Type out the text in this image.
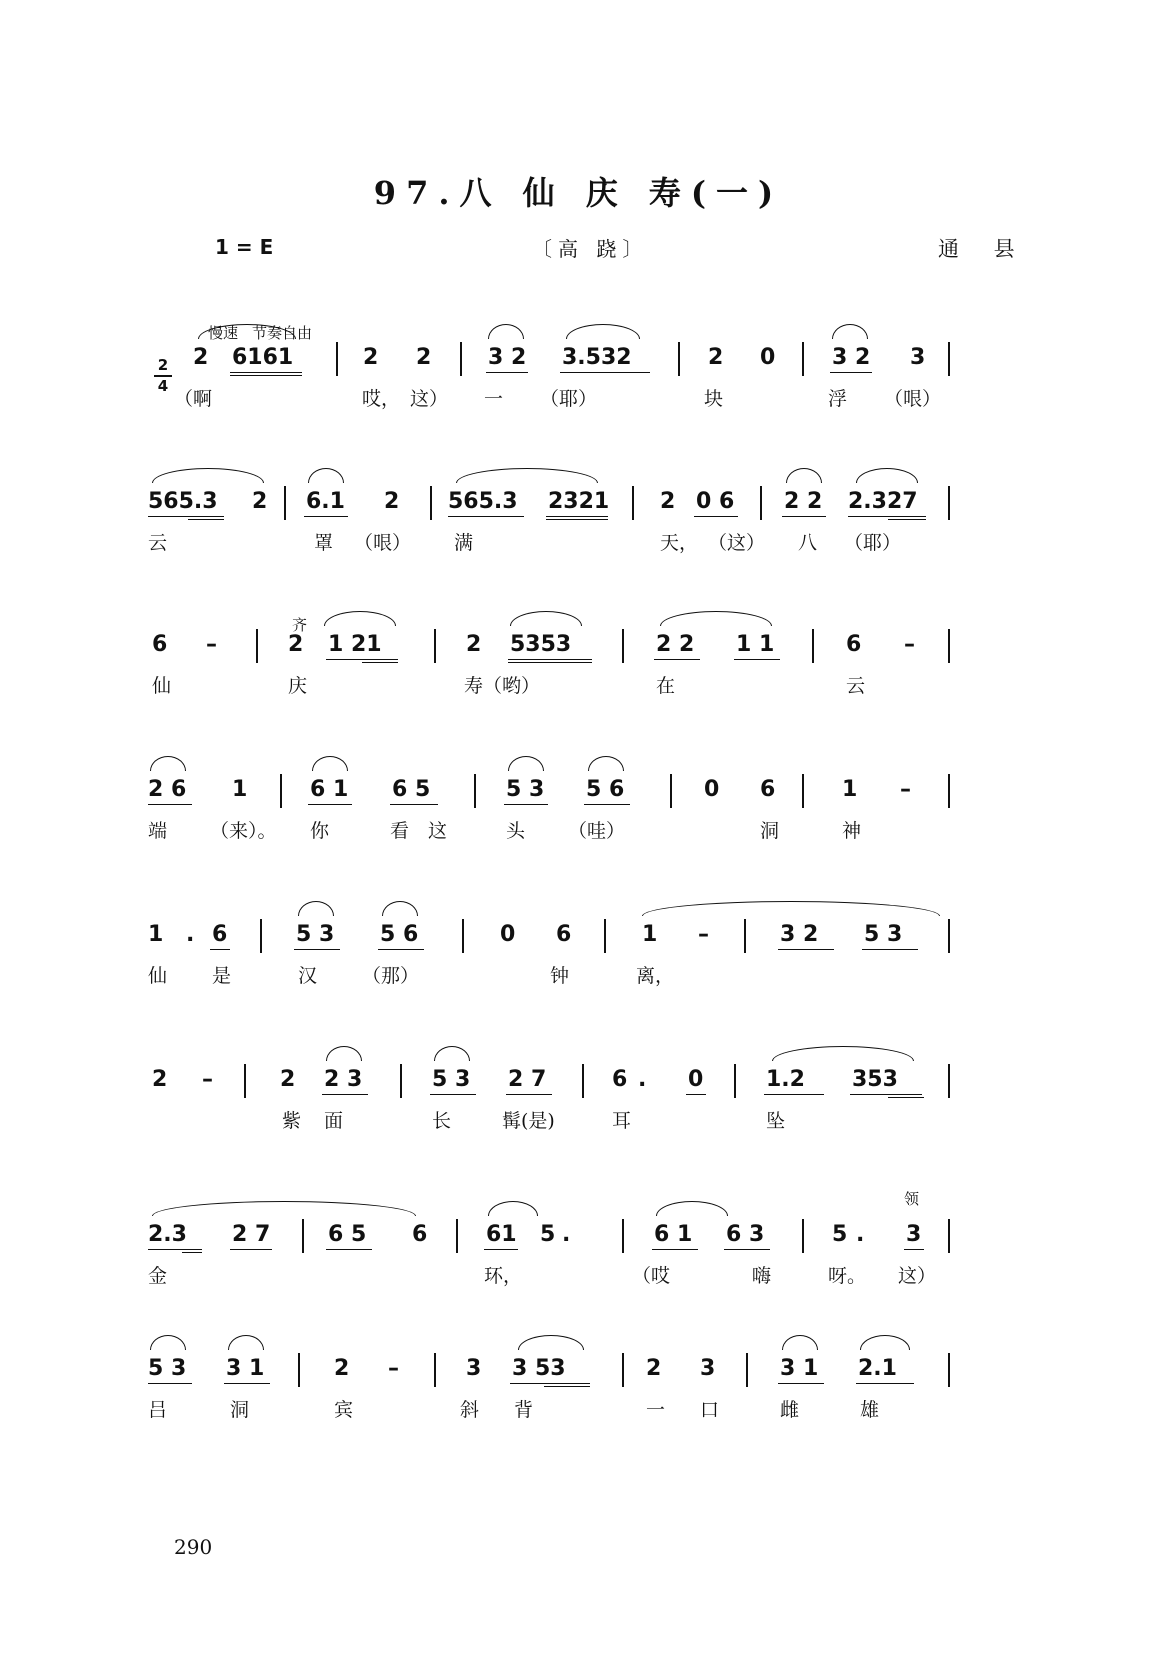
97.八 仙 庆 寿(一)
1 = E	〔高 跷〕	通 县
慢速 节奏自由
2
4
2 6161	2 2	3 2 3.532	2 0	3 2 3
（啊	哎， 这） 一 （耶）	块	浮 （哏）
565.3 2 6.1 2 565.3 2321 2 0 6 2 2 2.327
云	罩 （哏） 满	天， （这） 八 （耶）
齐
6 –	2 1 21	2 5353	2 2 1 1	6 –
仙	庆	寿（哟）	在	云
2 6 1	6 1 6 5	5 3 5 6	0 6	1 –
端 （来）。 你	看 这	头 （哇）	洞	神
1 . 6	5 3 5 6	0 6	1 –	3 2 5 3
仙 是	汉 （那）	钟	离，
2 –	2 2 3	5 3 2 7	6 . 0	1.2 353
紫 面	长	髯(是)	耳	坠
领
2.3 2 7	6 5 6	61 5 .	6 1 6 3	5 . 3
金	环，	（哎	嗨	呀。 这）
5 3 3 1	2 –	3 3 53	2 3	3 1 2.1
吕	洞	宾	斜 背	一 口	雌	雄
290
